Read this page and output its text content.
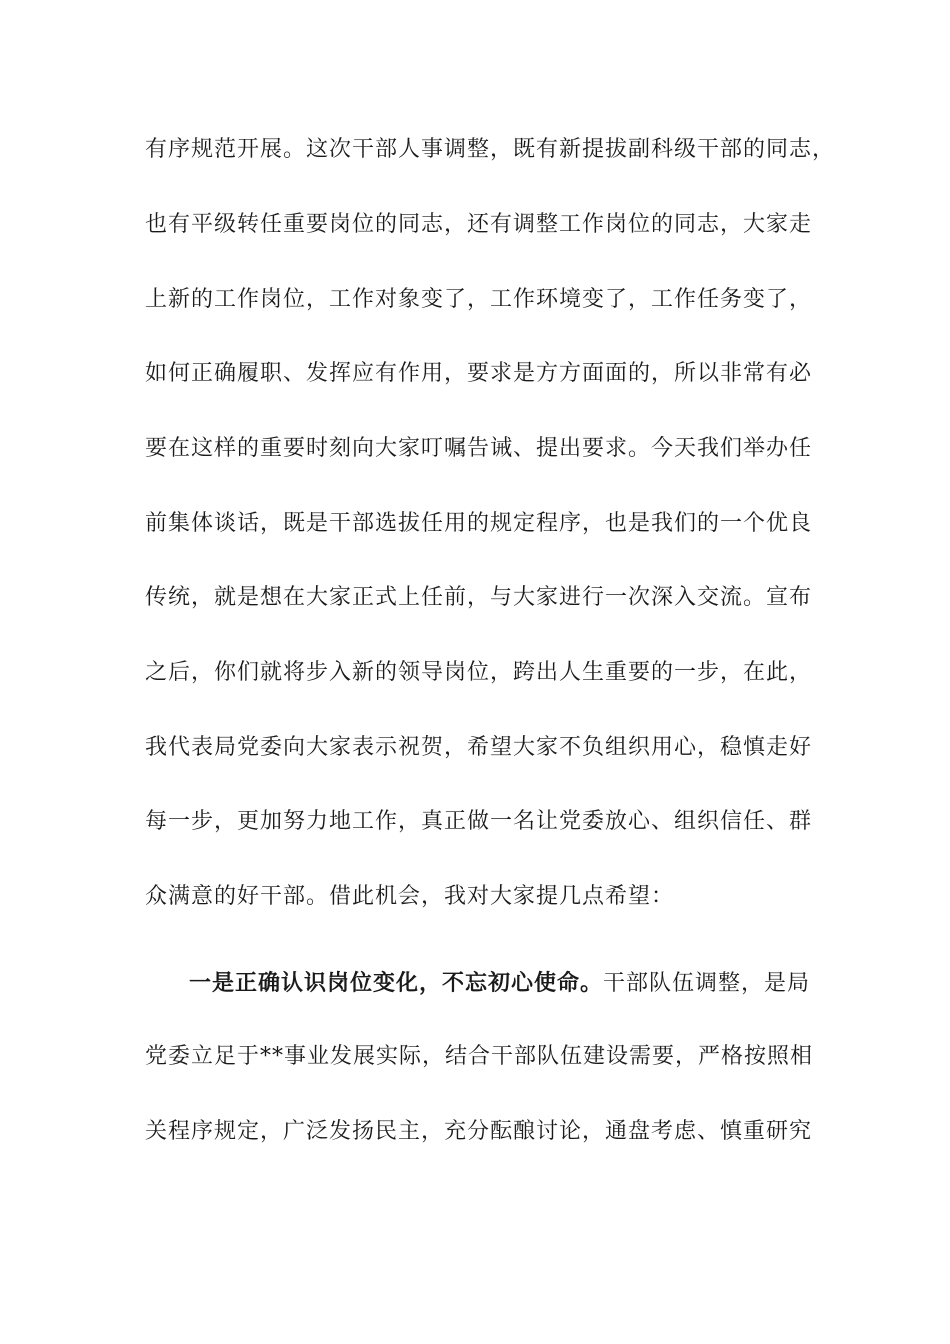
有序规范开展。这次干部人事调整，既有新提拔副科级干部的同志，
也有平级转任重要岗位的同志，还有调整工作岗位的同志，大家走
上新的工作岗位，工作对象变了，工作环境变了，工作任务变了，
如何正确履职、发挥应有作用，要求是方方面面的，所以非常有必
要在这样的重要时刻向大家叮嘱告诫、提出要求。今天我们举办任
前集体谈话，既是干部选拔任用的规定程序，也是我们的一个优良
传统，就是想在大家正式上任前，与大家进行一次深入交流。宣布
之后，你们就将步入新的领导岗位，跨出人生重要的一步，在此，
我代表局党委向大家表示祝贺，希望大家不负组织用心，稳慎走好
每一步，更加努力地工作，真正做一名让党委放心、组织信任、群
众满意的好干部。借此机会，我对大家提几点希望：
一是正确认识岗位变化，不忘初心使命。干部队伍调整，是局
党委立足于**事业发展实际，结合干部队伍建设需要，严格按照相
关程序规定，广泛发扬民主，充分酝酿讨论，通盘考虑、慎重研究
